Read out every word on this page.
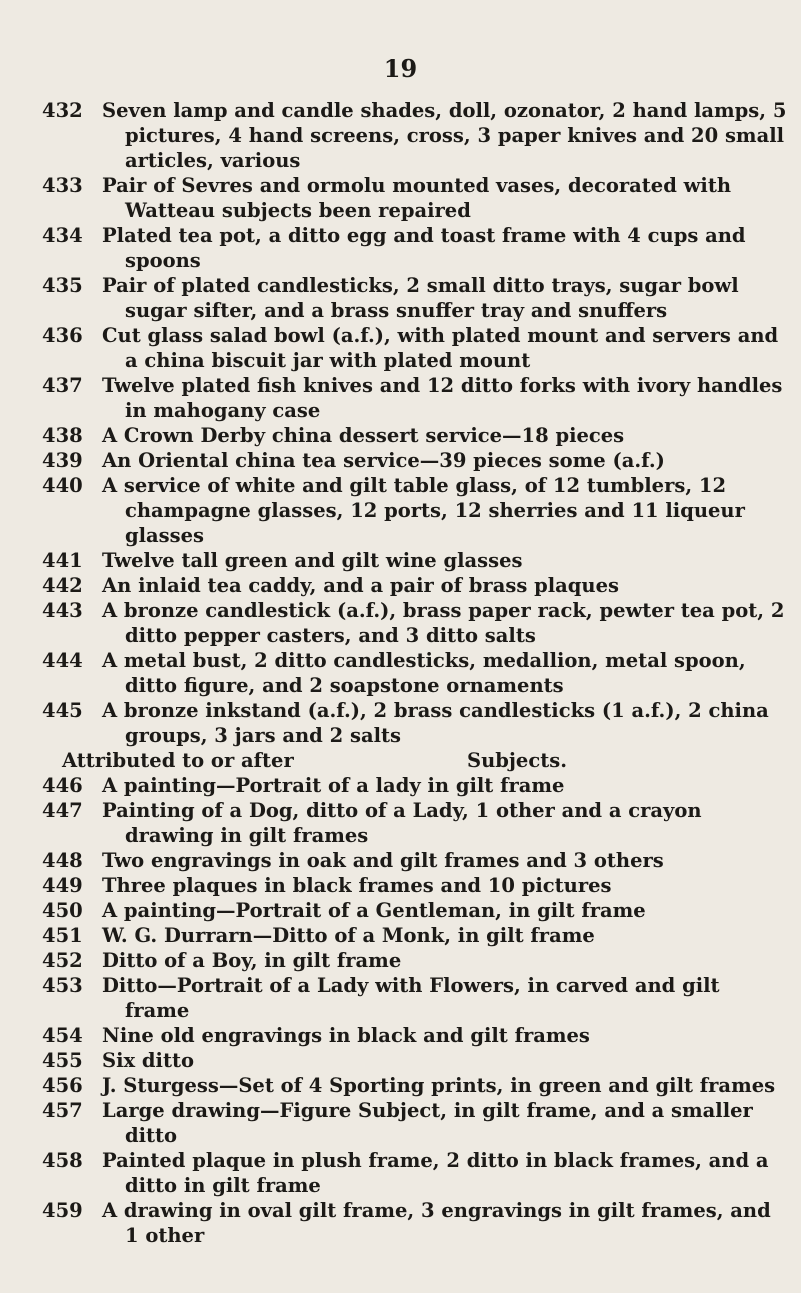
19
432 Seven lamp and candle shades, doll, ozonator, 2 hand lamps, 5 pictures, 4 hand screens, cross, 3 paper knives and 20 small articles, various
433 Pair of Sevres and ormolu mounted vases, decorated with Watteau subjects been repaired
434 Plated tea pot, a ditto egg and toast frame with 4 cups and spoons
435 Pair of plated candlesticks, 2 small ditto trays, sugar bowl sugar sifter, and a brass snuffer tray and snuffers
436 Cut glass salad bowl (a.f.), with plated mount and servers and a china biscuit jar with plated mount
437 Twelve plated fish knives and 12 ditto forks with ivory handles in mahogany case
438 A Crown Derby china dessert service—18 pieces
439 An Oriental china tea service—39 pieces some (a.f.)
440 A service of white and gilt table glass, of 12 tumblers, 12 champagne glasses, 12 ports, 12 sherries and 11 liqueur glasses
441 Twelve tall green and gilt wine glasses
442 An inlaid tea caddy, and a pair of brass plaques
443 A bronze candlestick (a.f.), brass paper rack, pewter tea pot, 2 ditto pepper casters, and 3 ditto salts
444 A metal bust, 2 ditto candlesticks, medallion, metal spoon, ditto figure, and 2 soapstone ornaments
445 A bronze inkstand (a.f.), 2 brass candlesticks (1 a.f.), 2 china groups, 3 jars and 2 salts
Attributed to or after	Subjects.
446 A painting—Portrait of a lady in gilt frame
447 Painting of a Dog, ditto of a Lady, 1 other and a crayon drawing in gilt frames
448 Two engravings in oak and gilt frames and 3 others
449 Three plaques in black frames and 10 pictures
450 A painting—Portrait of a Gentleman, in gilt frame
451 W. G. Durrarn—Ditto of a Monk, in gilt frame
452 Ditto of a Boy, in gilt frame
453 Ditto—Portrait of a Lady with Flowers, in carved and gilt frame
454 Nine old engravings in black and gilt frames
455 Six ditto
456 J. Sturgess—Set of 4 Sporting prints, in green and gilt frames
457 Large drawing—Figure Subject, in gilt frame, and a smaller ditto
458 Painted plaque in plush frame, 2 ditto in black frames, and a ditto in gilt frame
459 A drawing in oval gilt frame, 3 engravings in gilt frames, and 1 other
